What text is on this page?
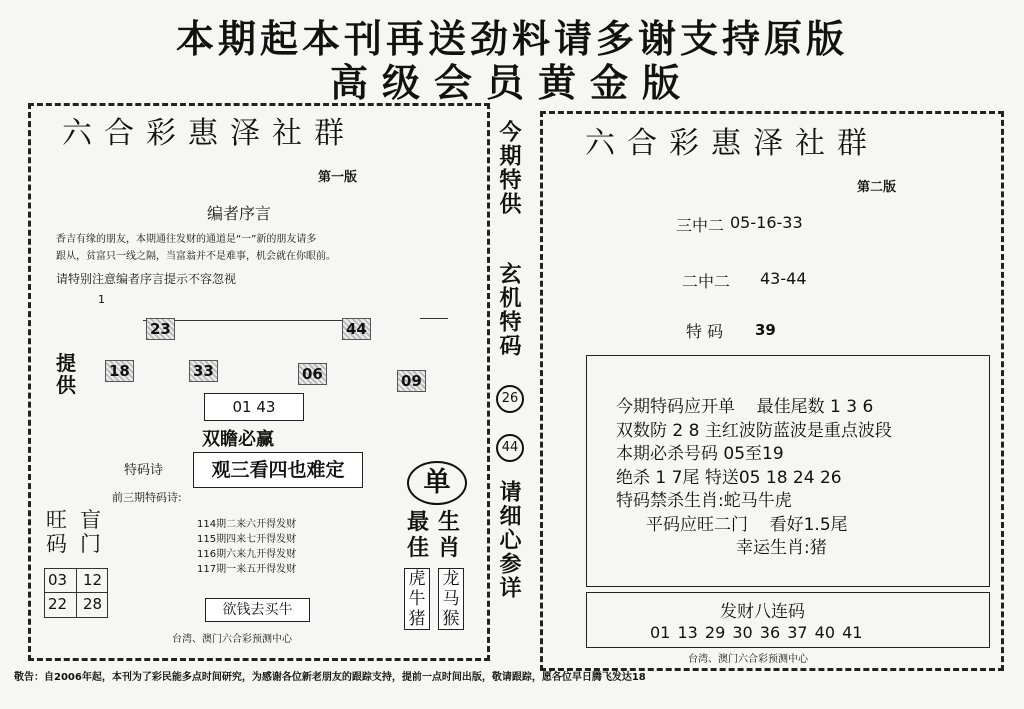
本期起本刊再送劲料请多谢支持原版
高级会员黄金版
六合彩惠泽社群
第一版
编者序言
香吉有缘的朋友，本期通往发财的通道是“一”新的朋友请多
跟从，贫富只一线之隔，当富翁并不是难事，机会就在你眼前。
请特别注意编者序言提示不容忽视
1
23	44
提供
18	33	06	09
01 43
双瞻必赢
特码诗	观三看四也难定
前三期特码诗:
旺码
盲门
03 12
22 28
114期二来六开得发财
115期四来七开得发财
116期六来九开得发财
117期一来五开得发财
单
最佳
生肖
虎牛猪
龙马猴
欲钱去买牛
台湾、澳门六合彩预测中心
今期特供
玄机特码
26
44
请细心参详
六合彩惠泽社群
第二版
三中二 05-16-33
二中二 43-44
特 码 39
今期特码应开单    最佳尾数 1 3 6
双数防 2 8 主红波防蓝波是重点波段
本期必杀号码 05至19
绝杀 1 7尾 特送05 18 24 26
特码禁杀生肖:蛇马牛虎
平码应旺二门    看好1.5尾
幸运生肖:猪
发财八连码
01 13 29 30 36 37 40 41
台湾、澳门六合彩预测中心
敬告：自2006年起，本刊为了彩民能多点时间研究，为感谢各位新老朋友的跟踪支持，提前一点时间出版，敬请跟踪，愿各位早日腾飞发达18
